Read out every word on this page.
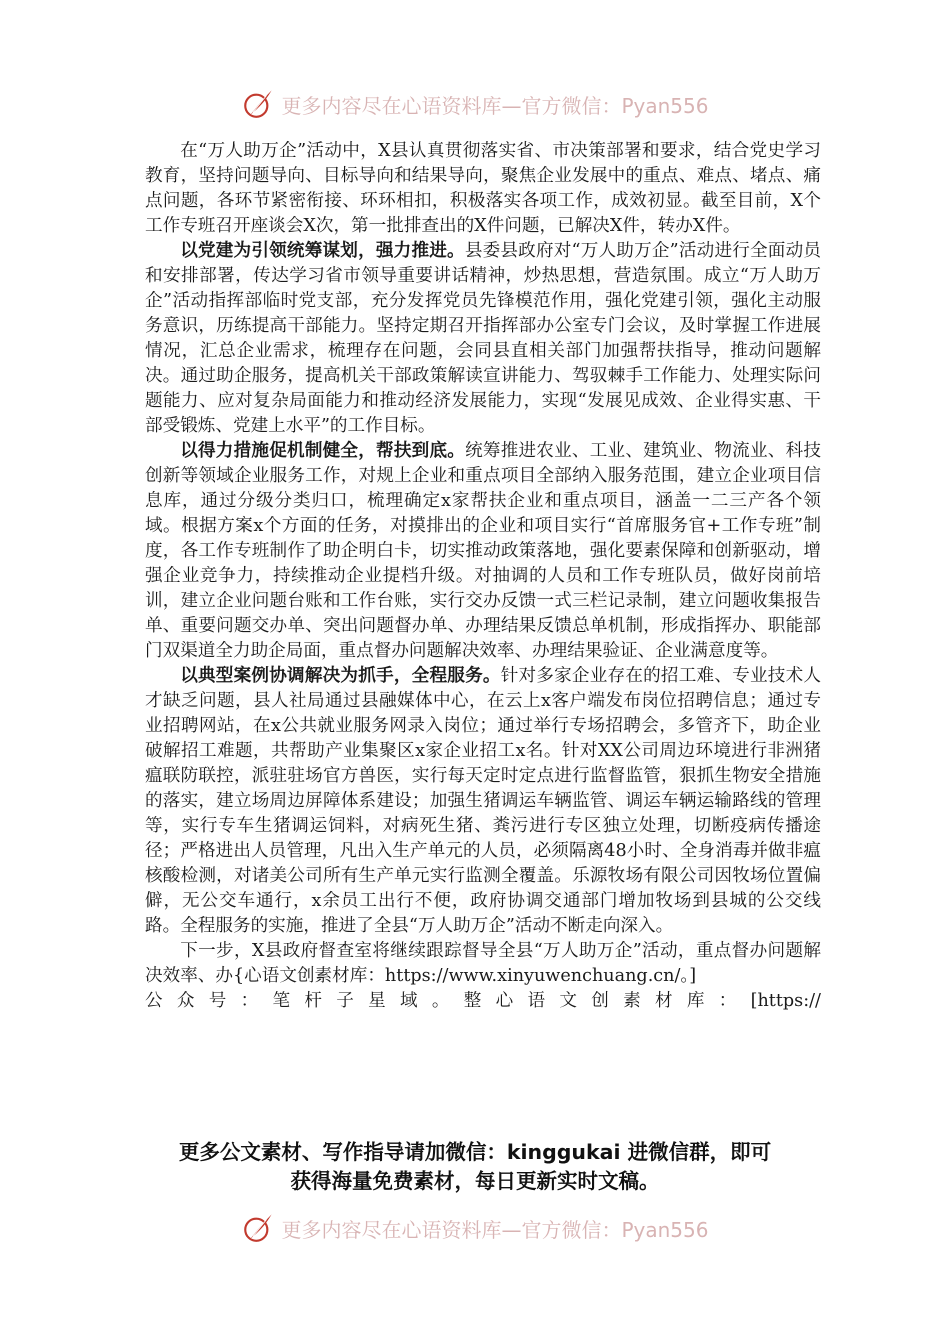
更多内容尽在心语资料库—官方微信：Pyan556

在“万人助万企”活动中，X县认真贯彻落实省、市决策部署和要求，结合党史学习教育，坚持问题导向、目标导向和结果导向，聚焦企业发展中的重点、难点、堵点、痛点问题，各环节紧密衔接、环环相扣，积极落实各项工作，成效初显。截至目前，X个工作专班召开座谈会X次，第一批排查出的X件问题，已解决X件，转办X件。

以党建为引领统筹谋划，强力推进。县委县政府对“万人助万企”活动进行全面动员和安排部署，传达学习省市领导重要讲话精神，炒热思想，营造氛围。成立“万人助万企”活动指挥部临时党支部，充分发挥党员先锋模范作用，强化党建引领，强化主动服务意识，历练提高干部能力。坚持定期召开指挥部办公室专门会议，及时掌握工作进展情况，汇总企业需求，梳理存在问题，会同县直相关部门加强帮扶指导，推动问题解决。通过助企服务，提高机关干部政策解读宣讲能力、驾驭棘手工作能力、处理实际问题能力、应对复杂局面能力和推动经济发展能力，实现“发展见成效、企业得实惠、干部受锻炼、党建上水平”的工作目标。

以得力措施促机制健全，帮扶到底。统筹推进农业、工业、建筑业、物流业、科技创新等领域企业服务工作，对规上企业和重点项目全部纳入服务范围，建立企业项目信息库，通过分级分类归口，梳理确定x家帮扶企业和重点项目，涵盖一二三产各个领域。根据方案x个方面的任务，对摸排出的企业和项目实行“首席服务官+工作专班”制度，各工作专班制作了助企明白卡，切实推动政策落地，强化要素保障和创新驱动，增强企业竞争力，持续推动企业提档升级。对抽调的人员和工作专班队员，做好岗前培训，建立企业问题台账和工作台账，实行交办反馈一式三栏记录制，建立问题收集报告单、重要问题交办单、突出问题督办单、办理结果反馈总单机制，形成指挥办、职能部门双渠道全力助企局面，重点督办问题解决效率、办理结果验证、企业满意度等。

以典型案例协调解决为抓手，全程服务。针对多家企业存在的招工难、专业技术人才缺乏问题，县人社局通过县融媒体中心，在云上x客户端发布岗位招聘信息；通过专业招聘网站，在x公共就业服务网录入岗位；通过举行专场招聘会，多管齐下，助企业破解招工难题，共帮助产业集聚区x家企业招工x名。针对XX公司周边环境进行非洲猪瘟联防联控，派驻驻场官方兽医，实行每天定时定点进行监督监管，狠抓生物安全措施的落实，建立场周边屏障体系建设；加强生猪调运车辆监管、调运车辆运输路线的管理等，实行专车生猪调运饲料，对病死生猪、粪污进行专区独立处理，切断疫病传播途径；严格进出人员管理，凡出入生产单元的人员，必须隔离48小时、全身消毒并做非瘟核酸检测，对诸美公司所有生产单元实行监测全覆盖。乐源牧场有限公司因牧场位置偏僻，无公交车通行，x余员工出行不便，政府协调交通部门增加牧场到县城的公交线路。全程服务的实施，推进了全县“万人助万企”活动不断走向深入。

下一步，X县政府督查室将继续跟踪督导全县“万人助万企”活动，重点督办问题解决效率、办{心语文创素材库：https://www.xinyuwenchuang.cn/。]

公众号：笔杆子星域。整心语文创素材库：[https://

更多公文素材、写作指导请加微信：kinggukai 进微信群，即可
获得海量免费素材，每日更新实时文稿。
更多内容尽在心语资料库—官方微信：Pyan556
